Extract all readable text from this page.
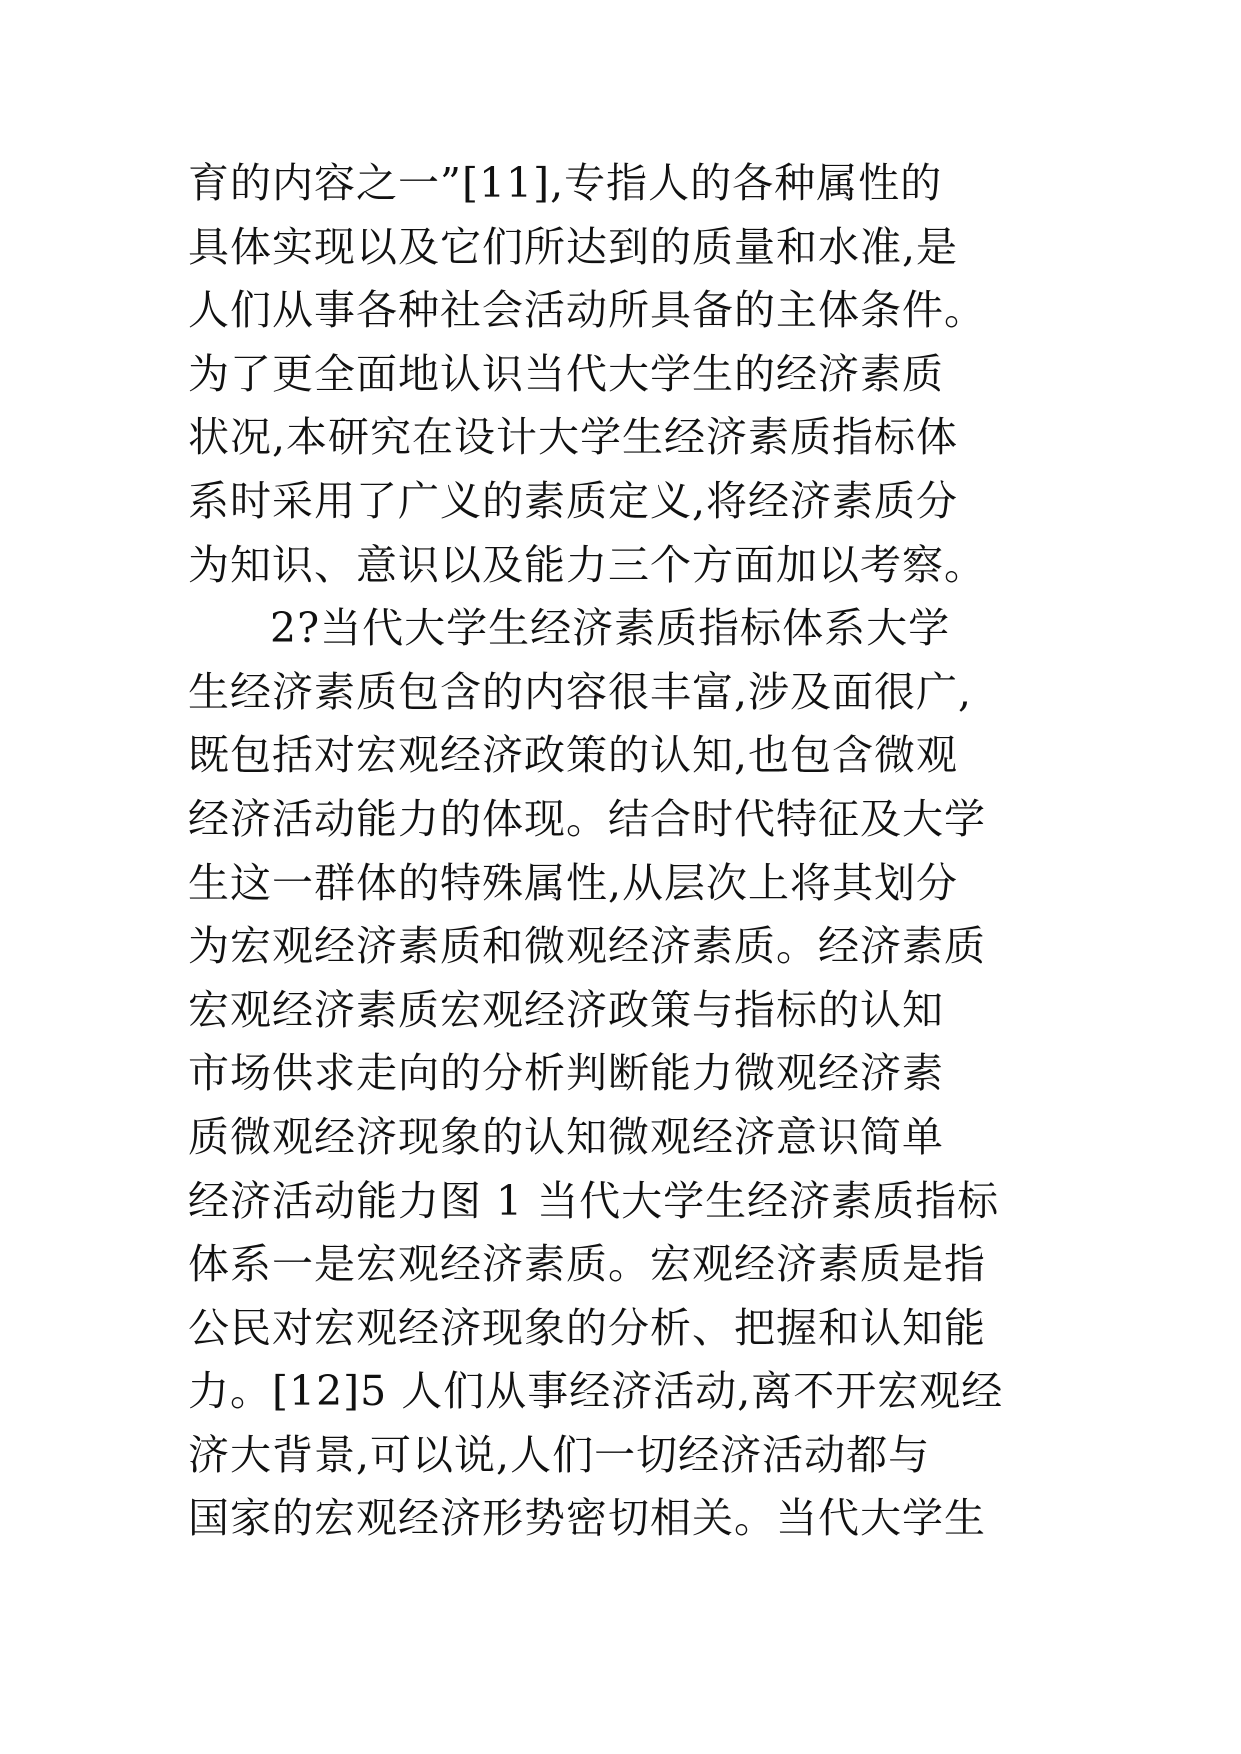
育的内容之一”[11],专指人的各种属性的
具体实现以及它们所达到的质量和水准,是
人们从事各种社会活动所具备的主体条件。
为了更全面地认识当代大学生的经济素质
状况,本研究在设计大学生经济素质指标体
系时采用了广义的素质定义,将经济素质分
为知识、意识以及能力三个方面加以考察。
2?当代大学生经济素质指标体系大学
生经济素质包含的内容很丰富,涉及面很广,
既包括对宏观经济政策的认知,也包含微观
经济活动能力的体现。结合时代特征及大学
生这一群体的特殊属性,从层次上将其划分
为宏观经济素质和微观经济素质。经济素质
宏观经济素质宏观经济政策与指标的认知
市场供求走向的分析判断能力微观经济素
质微观经济现象的认知微观经济意识简单
经济活动能力图 1 当代大学生经济素质指标
体系一是宏观经济素质。宏观经济素质是指
公民对宏观经济现象的分析、把握和认知能
力。[12]5 人们从事经济活动,离不开宏观经
济大背景,可以说,人们一切经济活动都与
国家的宏观经济形势密切相关。当代大学生
